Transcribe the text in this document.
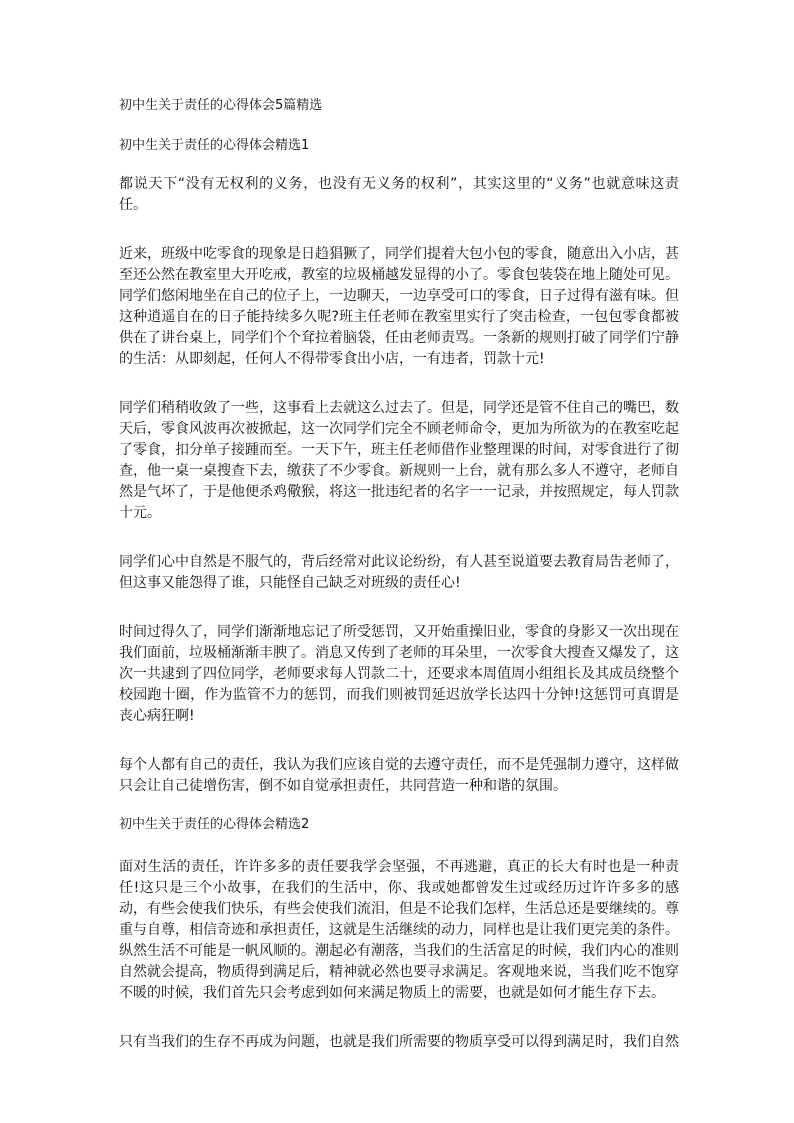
初中生关于责任的心得体会5篇精选
初中生关于责任的心得体会精选1

都说天下“没有无权利的义务，也没有无义务的权利”，其实这里的“义务”也就意味这责任。

近来，班级中吃零食的现象是日趋猖獗了，同学们提着大包小包的零食，随意出入小店，甚至还公然在教室里大开吃戒，教室的垃圾桶越发显得的小了。零食包装袋在地上随处可见。同学们悠闲地坐在自己的位子上，一边聊天，一边享受可口的零食，日子过得有滋有味。但这种逍遥自在的日子能持续多久呢?班主任老师在教室里实行了突击检查，一包包零食都被供在了讲台桌上，同学们个个耷拉着脑袋，任由老师责骂。一条新的规则打破了同学们宁静的生活：从即刻起，任何人不得带零食出小店，一有违者，罚款十元!

同学们稍稍收敛了一些，这事看上去就这么过去了。但是，同学还是管不住自己的嘴巴，数天后，零食风波再次被掀起，这一次同学们完全不顾老师命令，更加为所欲为的在教室吃起了零食，扣分单子接踵而至。一天下午，班主任老师借作业整理课的时间，对零食进行了彻查，他一桌一桌搜查下去，缴获了不少零食。新规则一上台，就有那么多人不遵守，老师自然是气坏了，于是他便杀鸡儆猴，将这一批违纪者的名字一一记录，并按照规定，每人罚款十元。

同学们心中自然是不服气的，背后经常对此议论纷纷，有人甚至说道要去教育局告老师了，但这事又能怨得了谁，只能怪自己缺乏对班级的责任心!

时间过得久了，同学们渐渐地忘记了所受惩罚，又开始重操旧业，零食的身影又一次出现在我们面前，垃圾桶渐渐丰腴了。消息又传到了老师的耳朵里，一次零食大搜查又爆发了，这次一共逮到了四位同学，老师要求每人罚款二十，还要求本周值周小组组长及其成员绕整个校园跑十圈，作为监管不力的惩罚，而我们则被罚延迟放学长达四十分钟!这惩罚可真谓是丧心病狂啊!

每个人都有自己的责任，我认为我们应该自觉的去遵守责任，而不是凭强制力遵守，这样做只会让自己徒增伤害，倒不如自觉承担责任，共同营造一种和谐的氛围。

初中生关于责任的心得体会精选2

面对生活的责任，许许多多的责任要我学会坚强，不再逃避，真正的长大有时也是一种责任!这只是三个小故事，在我们的生活中，你、我或她都曾发生过或经历过许许多多的感动，有些会使我们快乐，有些会使我们流泪，但是不论我们怎样，生活总还是要继续的。尊重与自尊，相信奇迹和承担责任，这就是生活继续的动力，同样也是让我们更完美的条件。纵然生活不可能是一帆风顺的。潮起必有潮落，当我们的生活富足的时候，我们内心的准则自然就会提高，物质得到满足后，精神就必然也要寻求满足。客观地来说，当我们吃不饱穿不暖的时候，我们首先只会考虑到如何来满足物质上的需要，也就是如何才能生存下去。

只有当我们的生存不再成为问题，也就是我们所需要的物质享受可以得到满足时，我们自然
